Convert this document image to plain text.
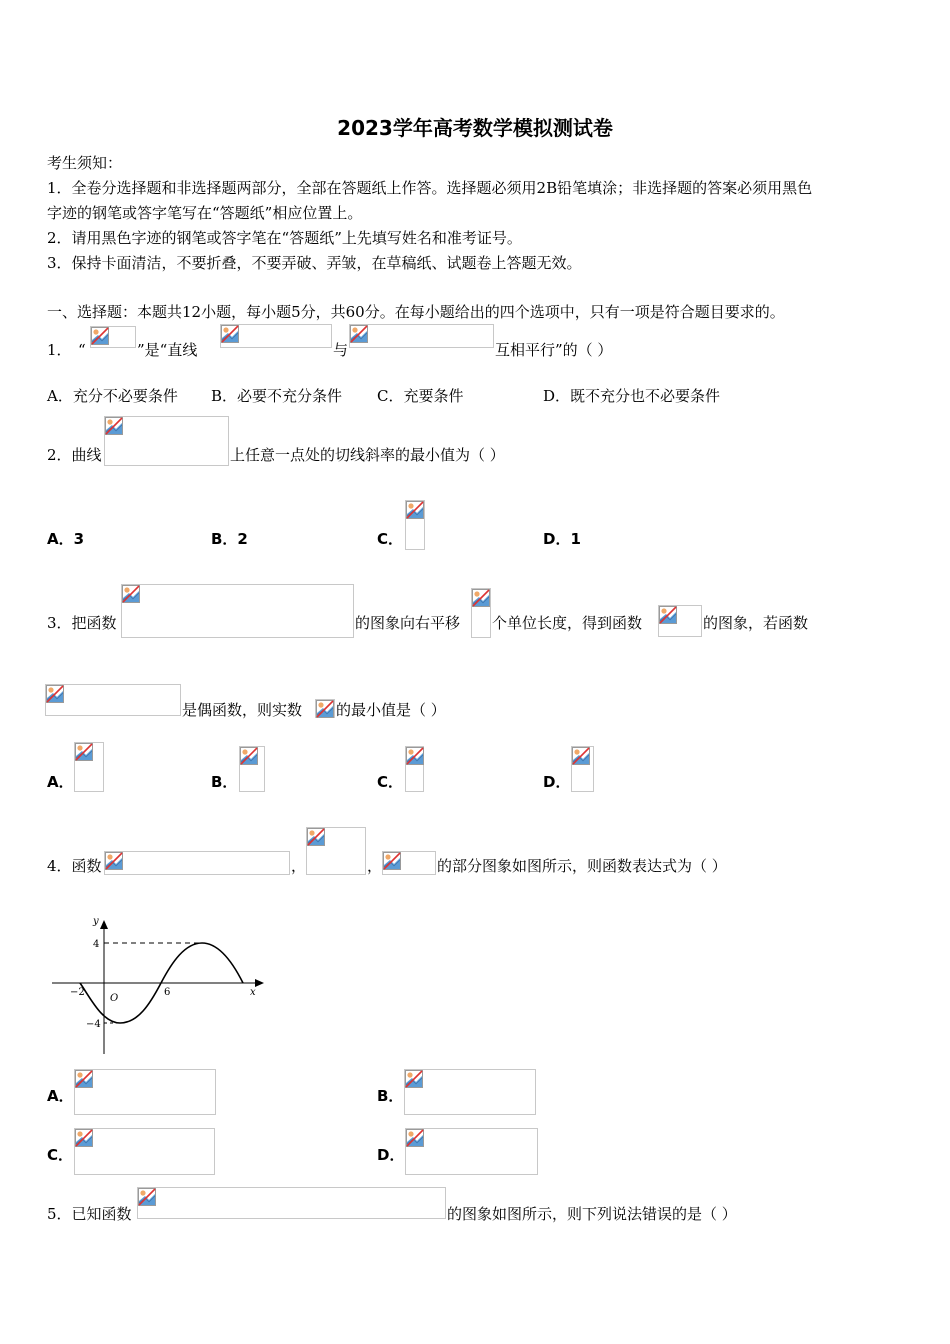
2023学年高考数学模拟测试卷
考生须知：
1．全卷分选择题和非选择题两部分，全部在答题纸上作答。选择题必须用2B铅笔填涂；非选择题的答案必须用黑色
字迹的钢笔或答字笔写在“答题纸”相应位置上。
2．请用黑色字迹的钢笔或答字笔在“答题纸”上先填写姓名和准考证号。
3．保持卡面清洁，不要折叠，不要弄破、弄皱，在草稿纸、试题卷上答题无效。
一、选择题：本题共12小题，每小题5分，共60分。在每小题给出的四个选项中，只有一项是符合题目要求的。
1． “	”是“直线	与	互相平行”的（ ）
A．充分不必要条件 B．必要不充分条件 C．充要条件	D．既不充分也不必要条件
2．曲线	上任意一点处的切线斜率的最小值为（ ）
A．3	B．2	C．	D．1
3．把函数	的图象向右平移 个单位长度，得到函数	的图象，若函数
是偶函数，则实数 的最小值是（ ）
A．	B．	C．	D．
4．函数	，	，	的部分图象如图所示，则函数表达式为（ ）
y
x
O
4
−4
−2	6
A．	B．
C．	D．
5．已知函数	的图象如图所示，则下列说法错误的是（ ）
